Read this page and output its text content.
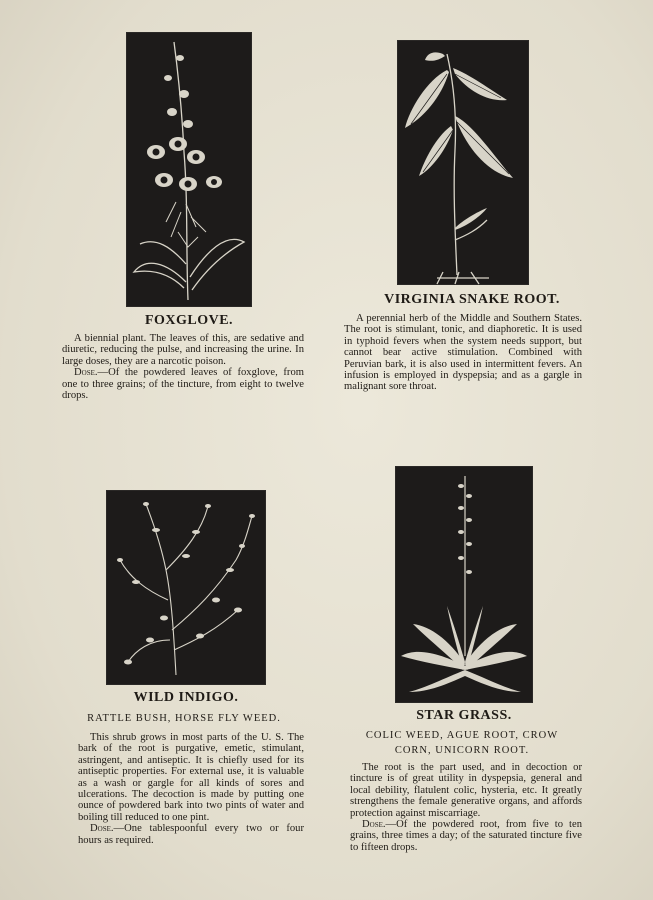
FOXGLOVE.

A biennial plant. The leaves of this, are sedative and diuretic, reducing the pulse, and increasing the urine. In large doses, they are a narcotic poison.

Dose.—Of the powdered leaves of foxglove, from one to three grains; of the tincture, from eight to twelve drops.

VIRGINIA SNAKE ROOT.

A perennial herb of the Middle and Southern States. The root is stimulant, tonic, and diaphoretic. It is used in typhoid fevers when the system needs support, but cannot bear active stimulation. Combined with Peruvian bark, it is also used in intermittent fevers. An infusion is employed in dyspepsia; and as a gargle in malignant sore throat.

WILD INDIGO.
RATTLE BUSH, HORSE FLY WEED.

This shrub grows in most parts of the U. S. The bark of the root is purgative, emetic, stimulant, astringent, and antiseptic. It is chiefly used for its antiseptic properties. For external use, it is valuable as a wash or gargle for all kinds of sores and ulcerations. The decoction is made by putting one ounce of powdered bark into two pints of water and boiling till reduced to one pint.

Dose.—One tablespoonful every two or four hours as required.

STAR GRASS.
COLIC WEED, AGUE ROOT, CROW
CORN, UNICORN ROOT.

The root is the part used, and in decoction or tincture is of great utility in dyspepsia, general and local debility, flatulent colic, hysteria, etc. It greatly strengthens the female generative organs, and affords protection against miscarriage.

Dose.—Of the powdered root, from five to ten grains, three times a day; of the saturated tincture five to fifteen drops.
